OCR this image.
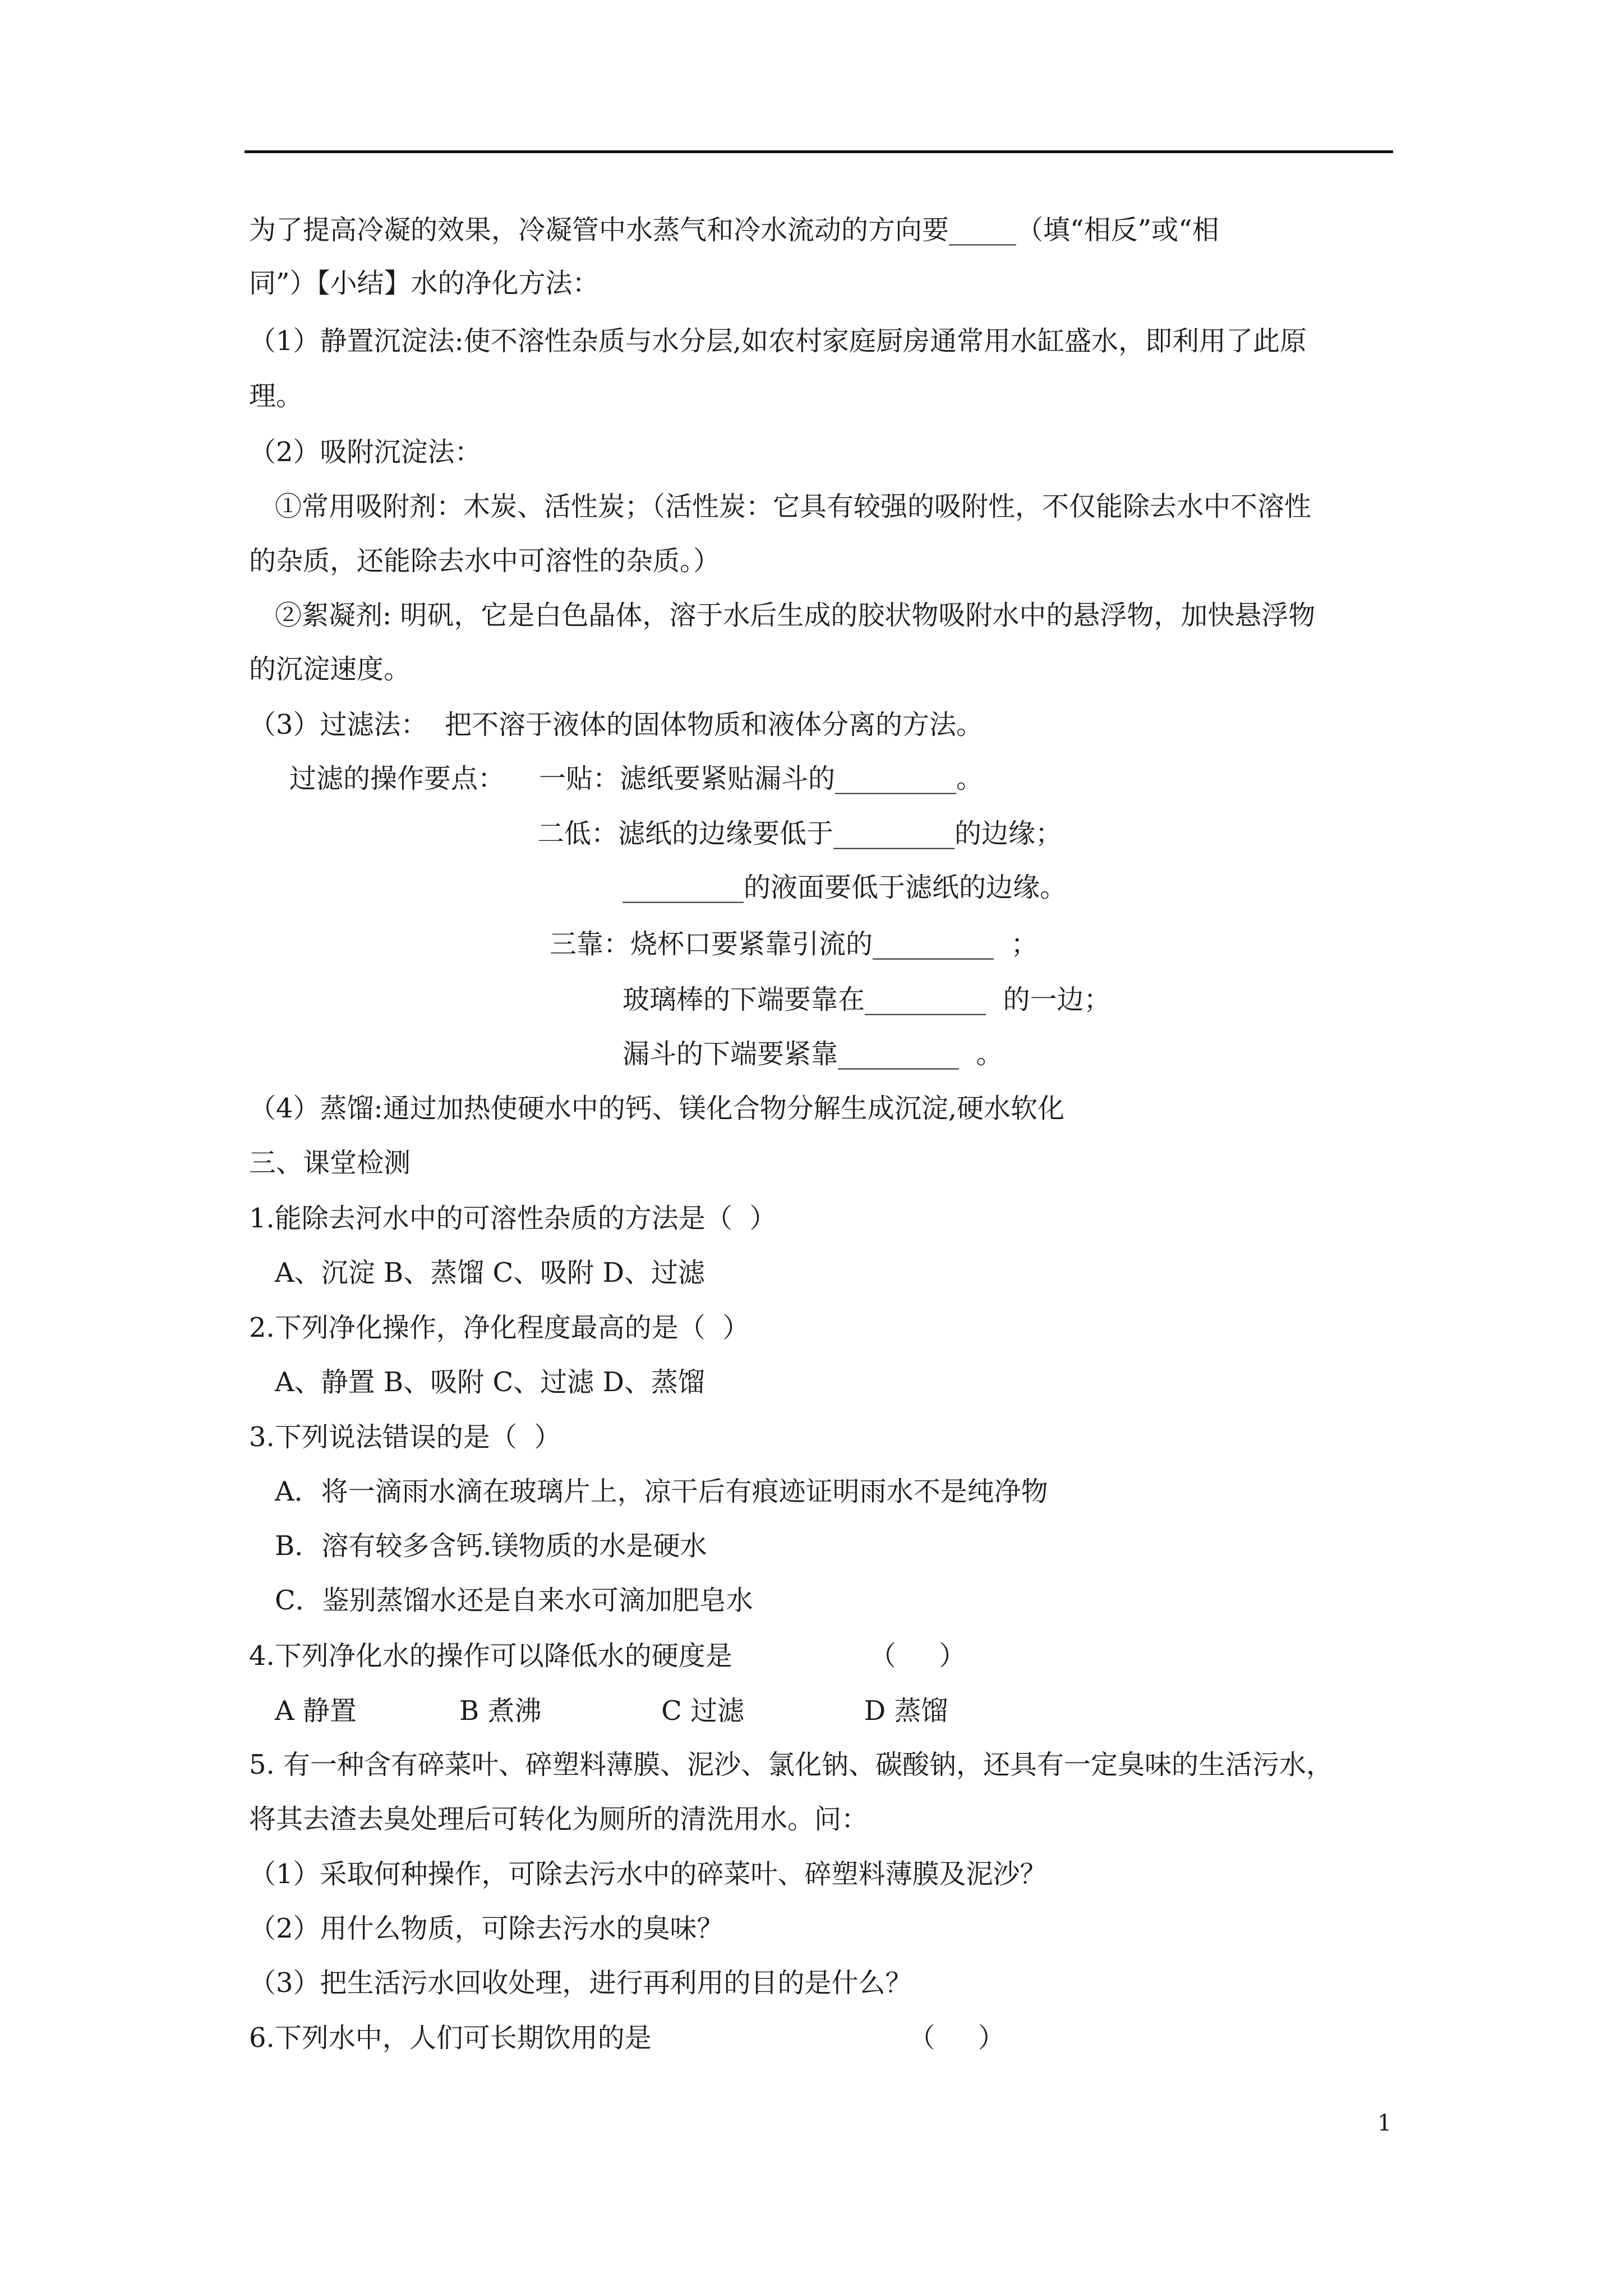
为了提高冷凝的效果，冷凝管中水蒸气和冷水流动的方向要_____（填“相反”或“相
同”）【小结】水的净化方法：
（1）静置沉淀法:使不溶性杂质与水分层,如农村家庭厨房通常用水缸盛水，即利用了此原
理。
（2）吸附沉淀法：
①常用吸附剂：木炭、活性炭；（活性炭：它具有较强的吸附性，不仅能除去水中不溶性
的杂质，还能除去水中可溶性的杂质。）
②絮凝剂: 明矾，它是白色晶体，溶于水后生成的胶状物吸附水中的悬浮物，加快悬浮物
的沉淀速度。
（3）过滤法：  把不溶于液体的固体物质和液体分离的方法。
过滤的操作要点：    一贴：滤纸要紧贴漏斗的_________。
二低：滤纸的边缘要低于_________的边缘；
_________的液面要低于滤纸的边缘。
三靠：烧杯口要紧靠引流的_________  ；
玻璃棒的下端要靠在_________  的一边；
漏斗的下端要紧靠_________  。
（4）蒸馏:通过加热使硬水中的钙、镁化合物分解生成沉淀,硬水软化
三、课堂检测
1.能除去河水中的可溶性杂质的方法是（  ）
A、沉淀 B、蒸馏 C、吸附 D、过滤
2.下列净化操作，净化程度最高的是（  ）
A、静置 B、吸附 C、过滤 D、蒸馏
3.下列说法错误的是（  ）
A．将一滴雨水滴在玻璃片上，凉干后有痕迹证明雨水不是纯净物
B．溶有较多含钙.镁物质的水是硬水
C．鉴别蒸馏水还是自来水可滴加肥皂水
4.下列净化水的操作可以降低水的硬度是                （     ）
A 静置            B 煮沸              C 过滤              D 蒸馏
5. 有一种含有碎菜叶、碎塑料薄膜、泥沙、氯化钠、碳酸钠，还具有一定臭味的生活污水，
将其去渣去臭处理后可转化为厕所的清洗用水。问：
（1）采取何种操作，可除去污水中的碎菜叶、碎塑料薄膜及泥沙？
（2）用什么物质，可除去污水的臭味？
（3）把生活污水回收处理，进行再利用的目的是什么？
6.下列水中，人们可长期饮用的是                              （     ）
1
